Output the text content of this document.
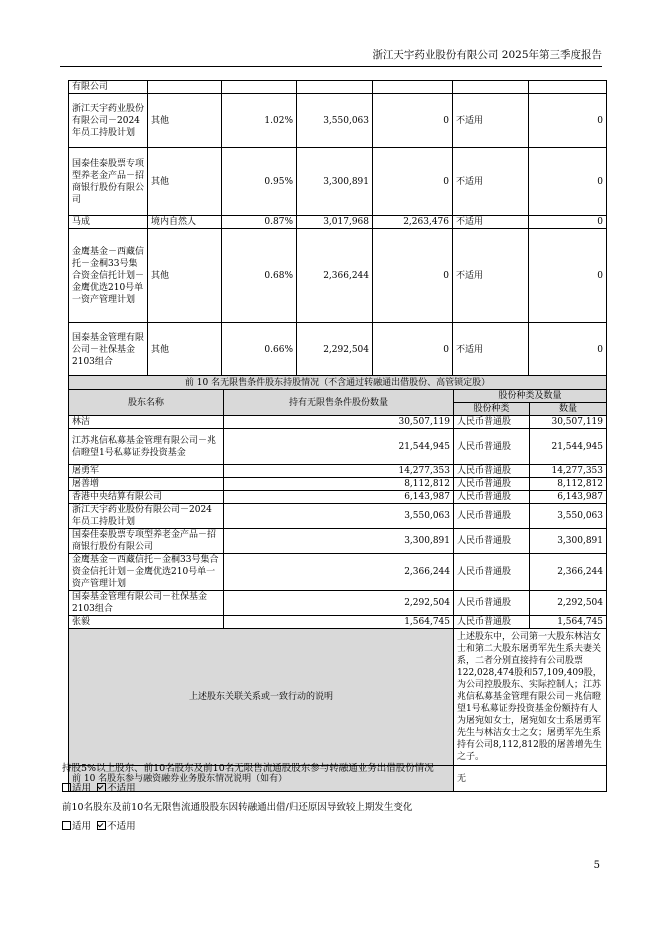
浙江天宇药业股份有限公司 2025年第三季度报告
有限公司						
浙江天宇药业股份有限公司－2024年员工持股计划	其他	1.02%	3,550,063	0	不适用	0
国泰佳泰股票专项型养老金产品－招商银行股份有限公司	其他	0.95%	3,300,891	0	不适用	0
马成	境内自然人	0.87%	3,017,968	2,263,476	不适用	0
金鹰基金－西藏信托－金桐33号集合资金信托计划－金鹰优选210号单一资产管理计划	其他	0.68%	2,366,244	0	不适用	0
国泰基金管理有限公司－社保基金2103组合	其他	0.66%	2,292,504	0	不适用	0
前 10 名无限售条件股东持股情况（不含通过转融通出借股份、高管锁定股）			
股东名称	持有无限售条件股份数量	股份种类及数量	
		股份种类	数量
林洁	30,507,119	人民币普通股	30,507,119
江苏兆信私募基金管理有限公司－兆信瞪望1号私募证券投资基金	21,544,945	人民币普通股	21,544,945
屠勇军	14,277,353	人民币普通股	14,277,353
屠善增	8,112,812	人民币普通股	8,112,812
香港中央结算有限公司	6,143,987	人民币普通股	6,143,987
浙江天宇药业股份有限公司－2024年员工持股计划	3,550,063	人民币普通股	3,550,063
国泰佳泰股票专项型养老金产品－招商银行股份有限公司	3,300,891	人民币普通股	3,300,891
金鹰基金－西藏信托－金桐33号集合资金信托计划－金鹰优选210号单一资产管理计划	2,366,244	人民币普通股	2,366,244
国泰基金管理有限公司－社保基金2103组合	2,292,504	人民币普通股	2,292,504
张毅	1,564,745	人民币普通股	1,564,745
上述股东关联关系或一致行动的说明		上述股东中，公司第一大股东林洁女士和第二大股东屠勇军先生系夫妻关系，二者分别直接持有公司股票122,028,474股和57,109,409股，为公司控股股东、实际控制人；江苏兆信私募基金管理有限公司－兆信瞪望1号私募证券投资基金份额持有人为屠宛如女士，屠宛如女士系屠勇军先生与林洁女士之女；屠勇军先生系持有公司8,112,812股的屠善增先生之子。	
前 10 名股东参与融资融券业务股东情况说明（如有）		无	
持股5%以上股东、前10名股东及前10名无限售流通股股东参与转融通业务出借股份情况
适用 不适用
前10名股东及前10名无限售流通股股东因转融通出借/归还原因导致较上期发生变化
适用 不适用
5
